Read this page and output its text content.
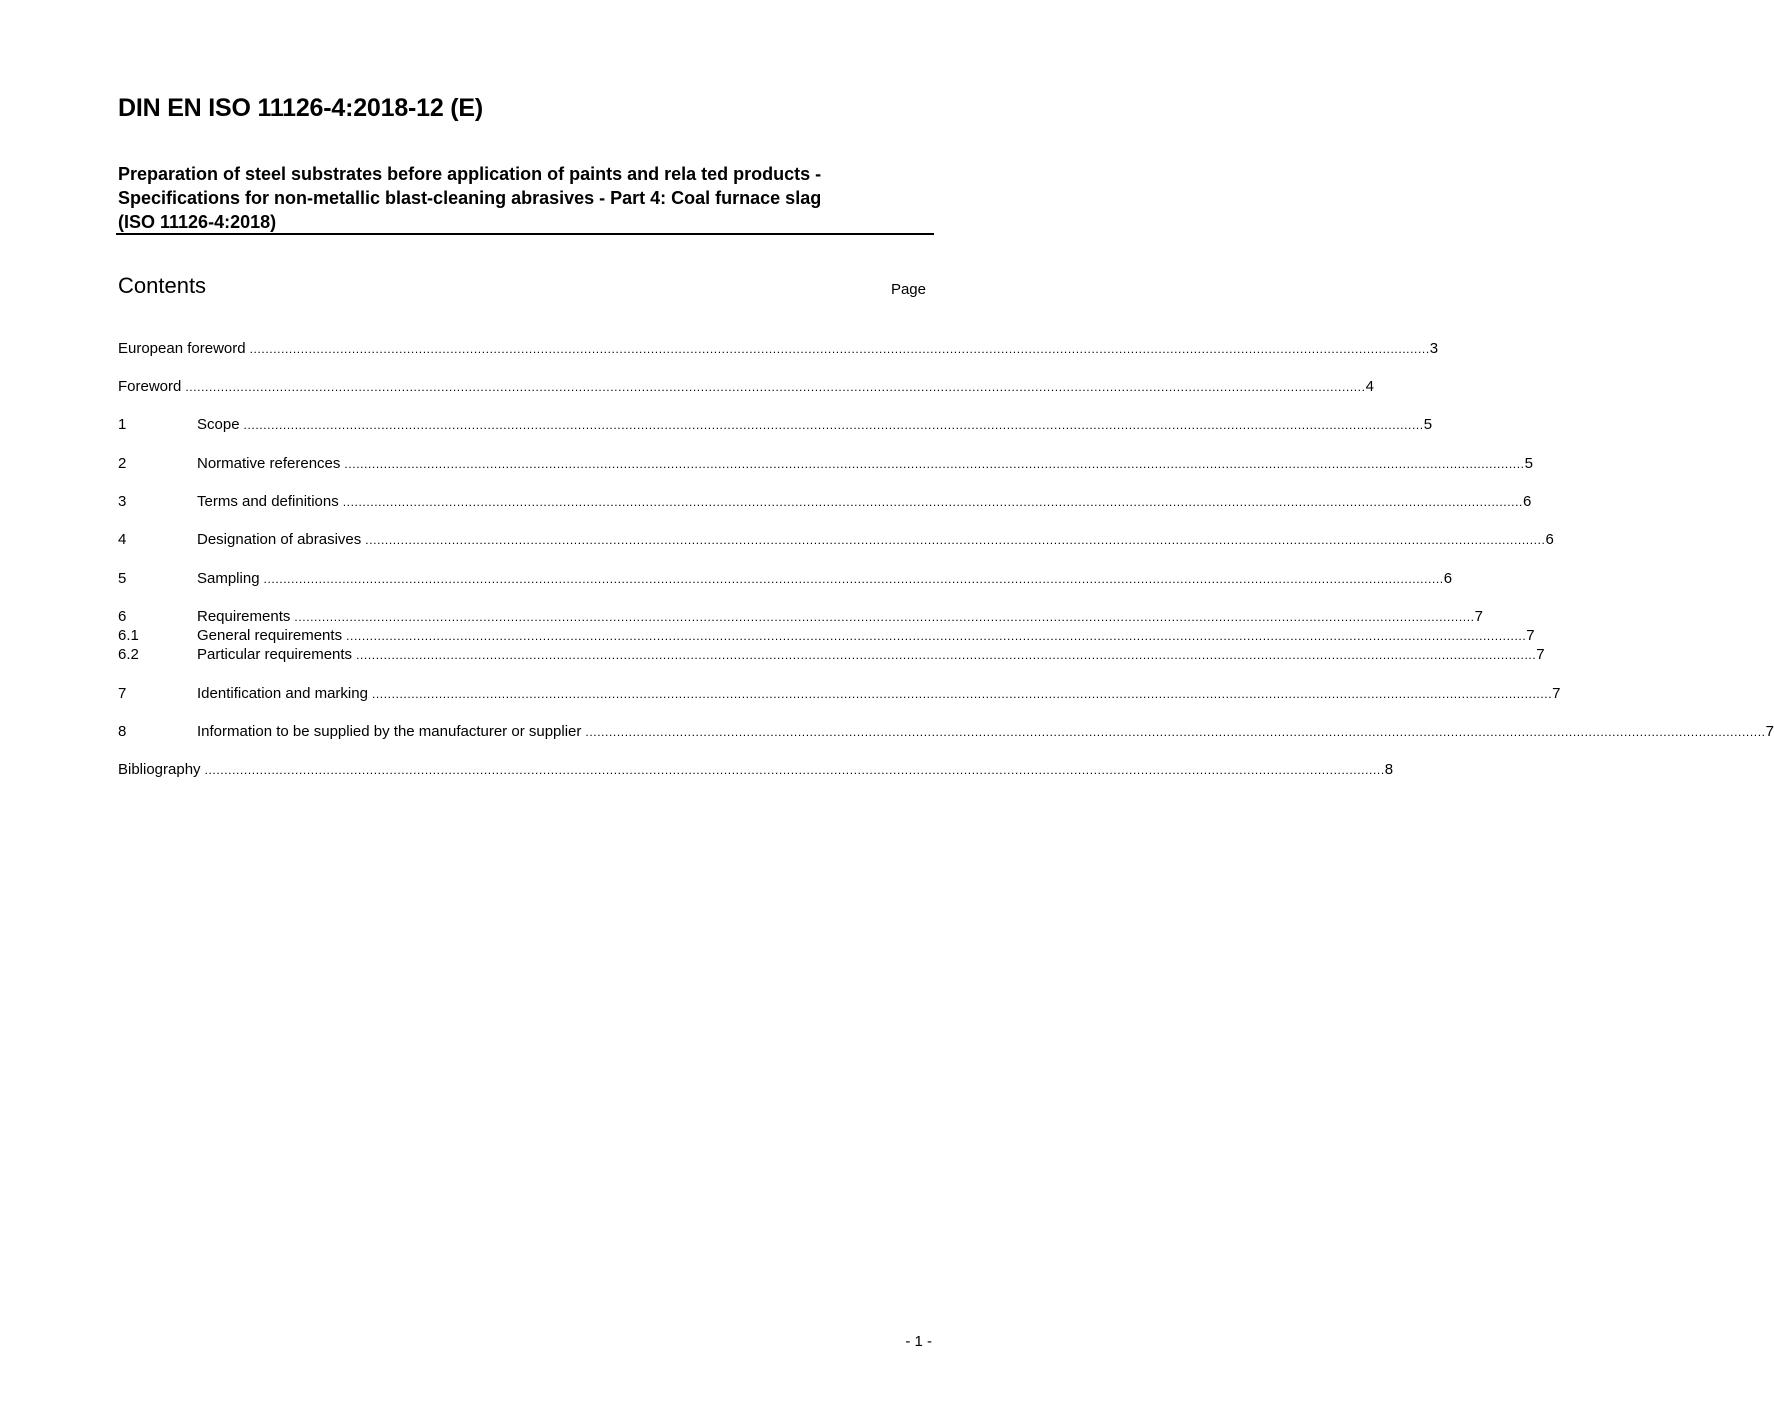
DIN EN ISO 11126-4:2018-12 (E)
Preparation of steel substrates before application of paints and rela ted products -
Specifications for non-metallic blast-cleaning abrasives - Part 4: Coal furnace slag
(ISO 11126-4:2018)
Contents	Page
European foreword ............................................................................................................................................................................................................................................................................................................ 3
Foreword ............................................................................................................................................................................................................................................................................................................ 4
1	Scope ............................................................................................................................................................................................................................................................................................................ 5
2	Normative references ............................................................................................................................................................................................................................................................................................................ 5
3	Terms and definitions ............................................................................................................................................................................................................................................................................................................ 6
4	Designation of abrasives ............................................................................................................................................................................................................................................................................................................ 6
5	Sampling ............................................................................................................................................................................................................................................................................................................ 6
6	Requirements ............................................................................................................................................................................................................................................................................................................ 7
6.1	General requirements ............................................................................................................................................................................................................................................................................................................ 7
6.2	Particular requirements ............................................................................................................................................................................................................................................................................................................ 7
7	Identification and marking ............................................................................................................................................................................................................................................................................................................ 7
8	Information to be supplied by the manufacturer or supplier ............................................................................................................................................................................................................................................................................................................ 7
Bibliography ............................................................................................................................................................................................................................................................................................................ 8
- 1 -
